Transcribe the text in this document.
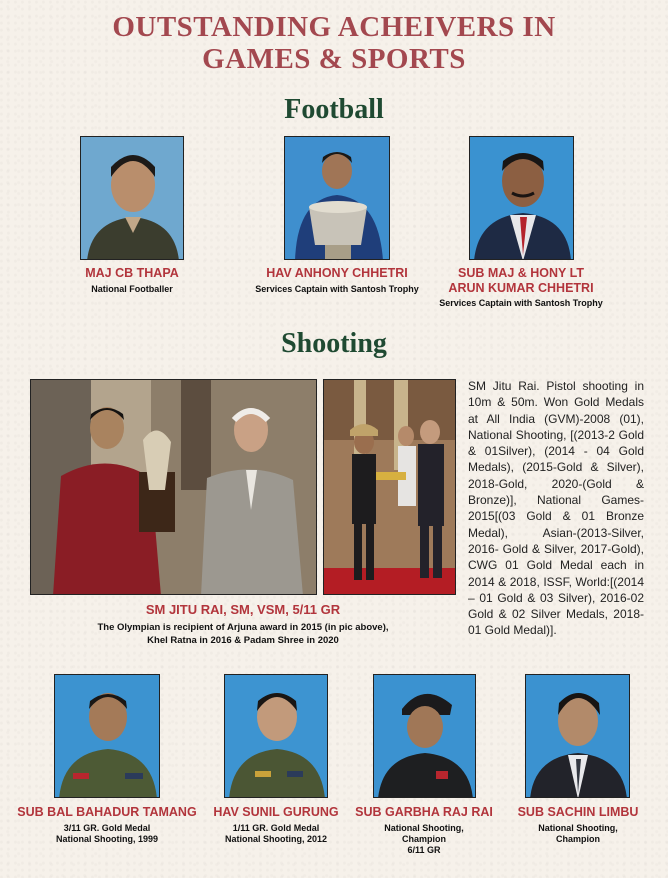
OUTSTANDING ACHEIVERS IN
GAMES & SPORTS
Football
MAJ CB THAPA
National Footballer
HAV ANHONY CHHETRI
Services Captain with Santosh Trophy
SUB MAJ & HONY LT
ARUN KUMAR CHHETRI
Services Captain with Santosh Trophy
Shooting
SM JITU RAI, SM, VSM, 5/11 GR
The Olympian is recipient of Arjuna award in 2015 (in pic above),
Khel Ratna in 2016 & Padam Shree in 2020
SM Jitu Rai. Pistol shooting in 10m & 50m. Won Gold Medals at All India (GVM)-2008 (01), National Shooting, [(2013-2 Gold & 01Silver), (2014 - 04 Gold Medals), (2015-Gold & Silver), 2018-Gold, 2020-(Gold & Bronze)], National Games- 2015[(03 Gold & 01 Bronze Medal), Asian-(2013-Silver, 2016- Gold & Silver, 2017-Gold), CWG 01 Gold Medal each in 2014 & 2018, ISSF, World:[(2014 – 01 Gold & 03 Silver), 2016-02 Gold & 02 Silver Medals, 2018- 01 Gold Medal)].
SUB BAL BAHADUR TAMANG
3/11 GR. Gold Medal
National Shooting, 1999
HAV SUNIL GURUNG
1/11 GR. Gold Medal
National Shooting, 2012
SUB GARBHA RAJ RAI
National Shooting,
Champion
6/11 GR
SUB SACHIN LIMBU
National Shooting,
Champion
